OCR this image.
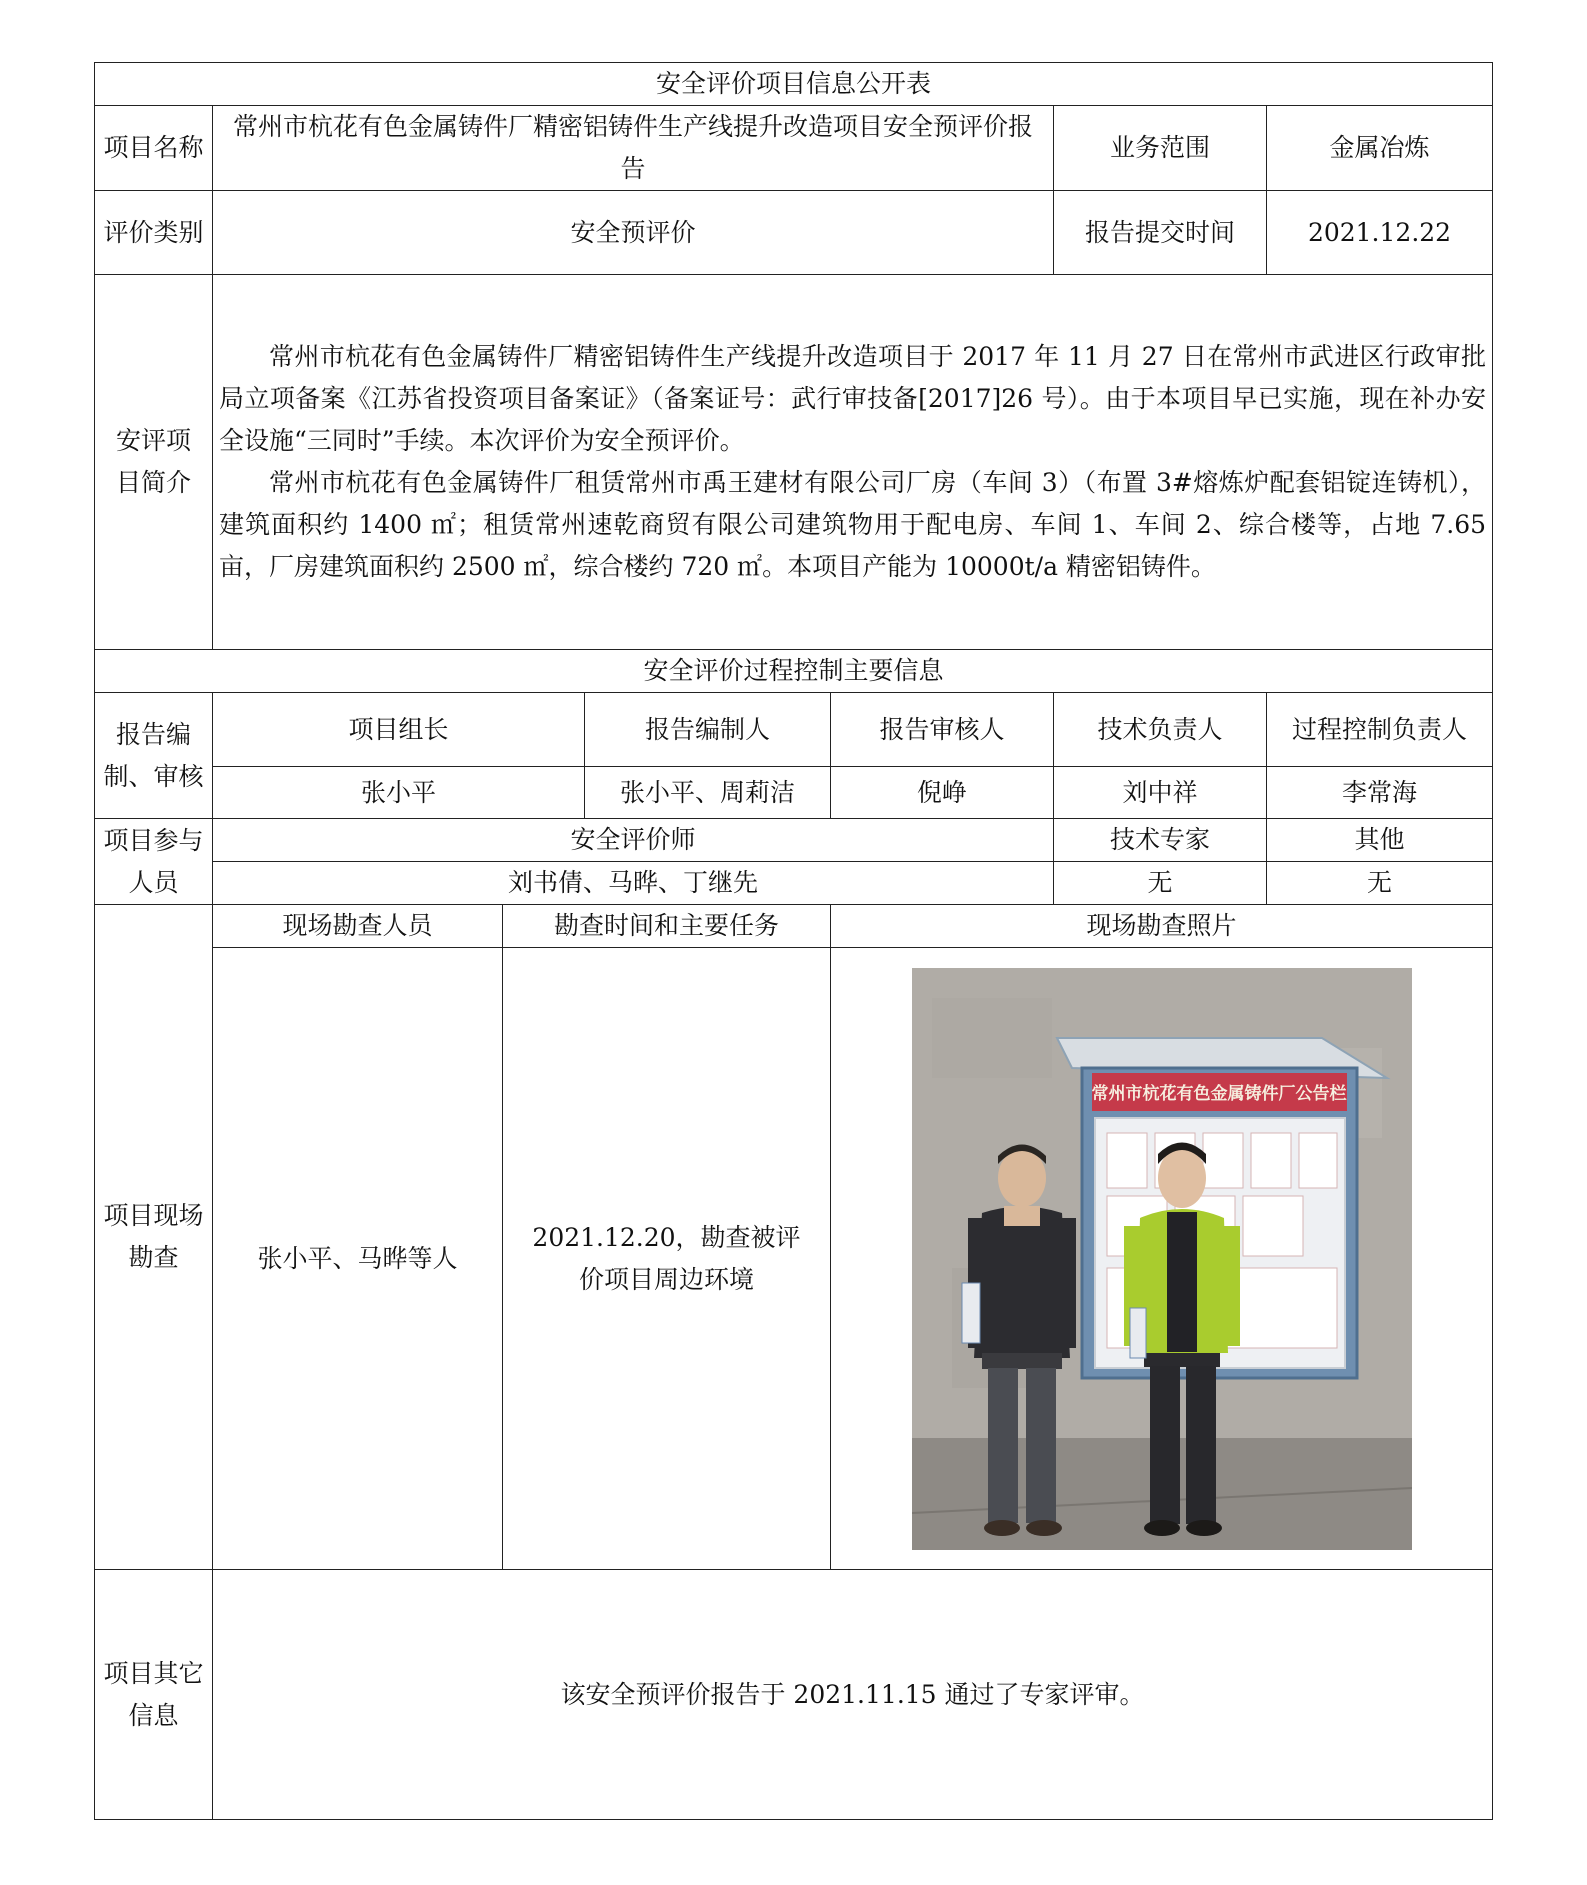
安全评价项目信息公开表						
项目名称	常州市杭花有色金属铸件厂精密铝铸件生产线提升改造项目安全预评价报告				业务范围	金属冶炼
评价类别	安全预评价				报告提交时间	2021.12.22
安评项目简介	常州市杭花有色金属铸件厂精密铝铸件生产线提升改造项目于 2017 年 11 月 27 日在常州市武进区行政审批局立项备案《江苏省投资项目备案证》（备案证号：武行审技备[2017]26 号）。由于本项目早已实施，现在补办安全设施“三同时”手续。本次评价为安全预评价。

常州市杭花有色金属铸件厂租赁常州市禹王建材有限公司厂房（车间 3）（布置 3#熔炼炉配套铝锭连铸机），建筑面积约 1400 ㎡；租赁常州速乾商贸有限公司建筑物用于配电房、车间 1、车间 2、综合楼等，占地 7.65 亩，厂房建筑面积约 2500 ㎡，综合楼约 720 ㎡。本项目产能为 10000t/a 精密铝铸件。					

安全评价过程控制主要信息						
报告编制、审核	项目组长		报告编制人	报告审核人	技术负责人	过程控制负责人
	张小平		张小平、周莉洁	倪峥	刘中祥	李常海
项目参与人员	安全评价师				技术专家	其他
	刘书倩、马晔、丁继先				无	无
项目现场勘查	现场勘查人员	勘查时间和主要任务		现场勘查照片		
	张小平、马晔等人	2021.12.20，勘查被评价项目周边环境		常州市杭花有色金属铸件厂公告栏		

项目其它信息	该安全预评价报告于 2021.11.15 通过了专家评审。					
